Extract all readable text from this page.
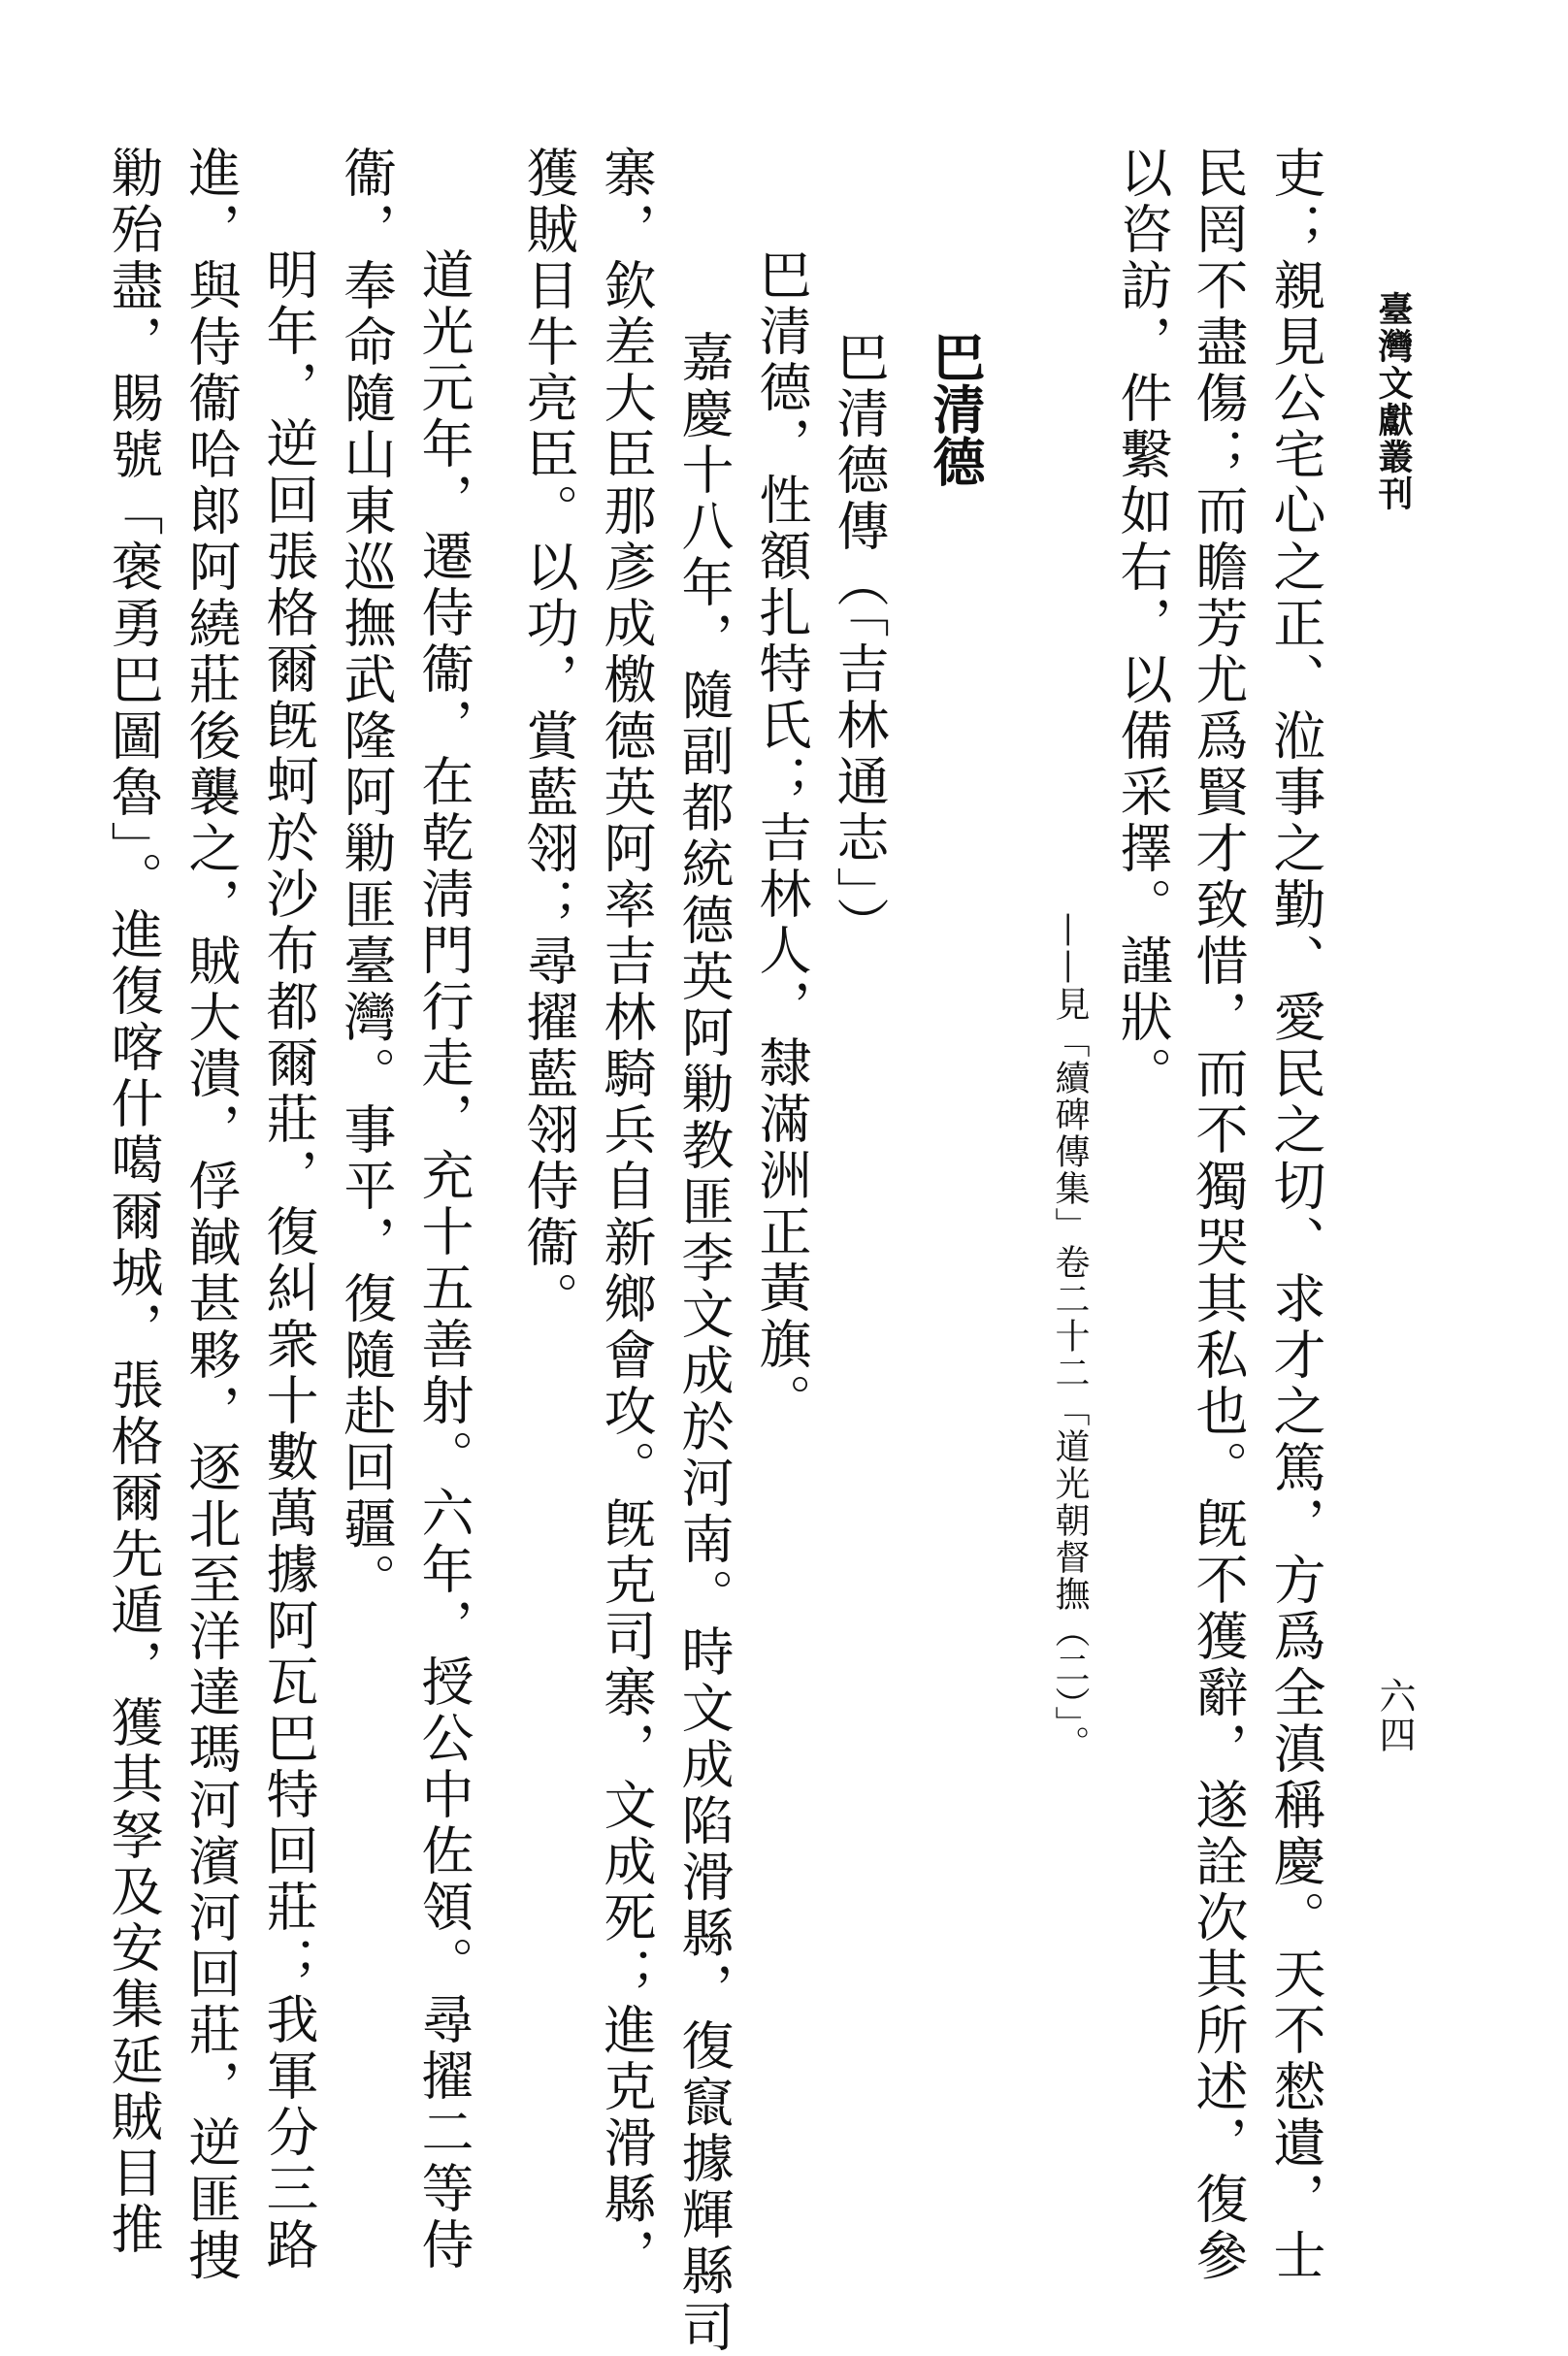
臺灣文獻叢刊
六四

吏；親見公宅心之正、涖事之勤、愛民之切、求才之篤，方爲全滇稱慶。天不憖遺，士

民罔不盡傷；而瞻芳尤爲賢才致惜，而不獨哭其私也。旣不獲辭，遂詮次其所述，復參

以咨訪，件繫如右，以備采擇。謹狀。

——見「續碑傳集」卷二十二「道光朝督撫（二）」。
巴清德
巴清德傳（「吉林通志」）

巴清德，性額扎特氏；吉林人，隸滿洲正黃旗。

嘉慶十八年，隨副都統德英阿勦教匪李文成於河南。時文成陷滑縣，復竄據輝縣司

寨，欽差大臣那彥成檄德英阿率吉林騎兵自新鄉會攻。旣克司寨，文成死；進克滑縣，

獲賊目牛亮臣。以功，賞藍翎；尋擢藍翎侍衞。

道光元年，遷侍衞，在乾淸門行走，充十五善射。六年，授公中佐領。尋擢二等侍

衞，奉命隨山東巡撫武隆阿勦匪臺灣。事平，復隨赴回疆。

明年，逆回張格爾旣蚵於沙布都爾莊，復糾衆十數萬據阿瓦巴特回莊；我軍分三路

進，與侍衞哈郞阿繞莊後襲之，賊大潰，俘馘甚夥，逐北至洋達瑪河濱河回莊，逆匪捜

勦殆盡，賜號「褒勇巴圖魯」。進復喀什噶爾城，張格爾先遁，獲其孥及安集延賊目推
